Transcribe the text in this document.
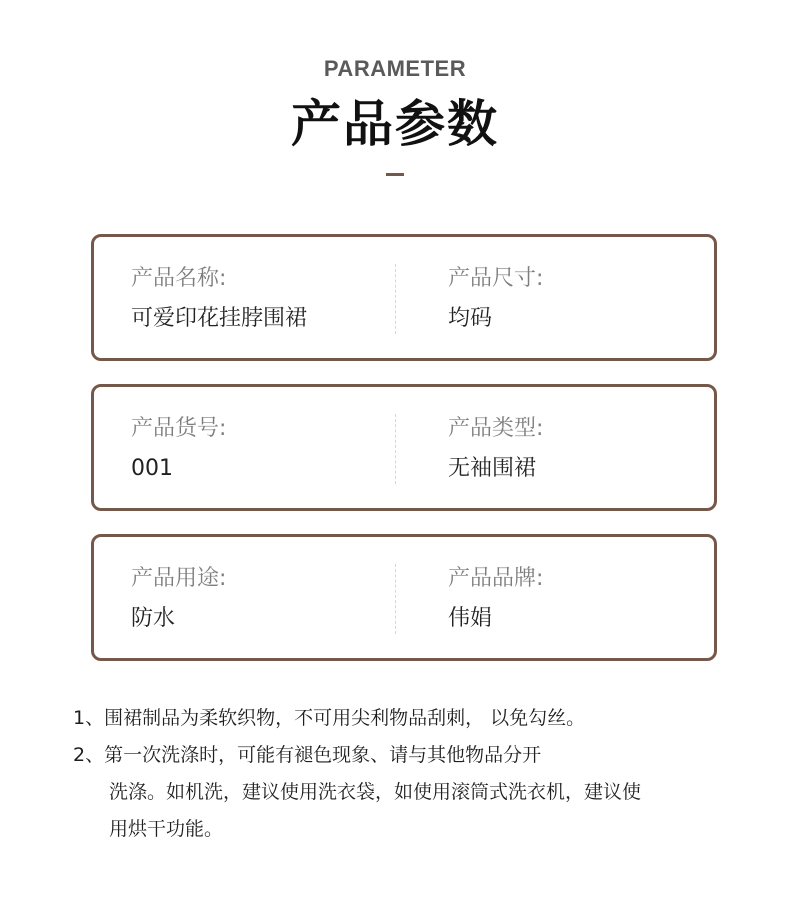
PARAMETER
产品参数
产品名称:
可爱印花挂脖围裙
产品尺寸:
均码
产品货号:
001
产品类型:
无袖围裙
产品用途:
防水
产品品牌:
伟娟
1、围裙制品为柔软织物，不可用尖利物品刮刺， 以免勾丝。
2、第一次洗涤时，可能有褪色现象、请与其他物品分开
洗涤。如机洗，建议使用洗衣袋，如使用滚筒式洗衣机，建议使
用烘干功能。
